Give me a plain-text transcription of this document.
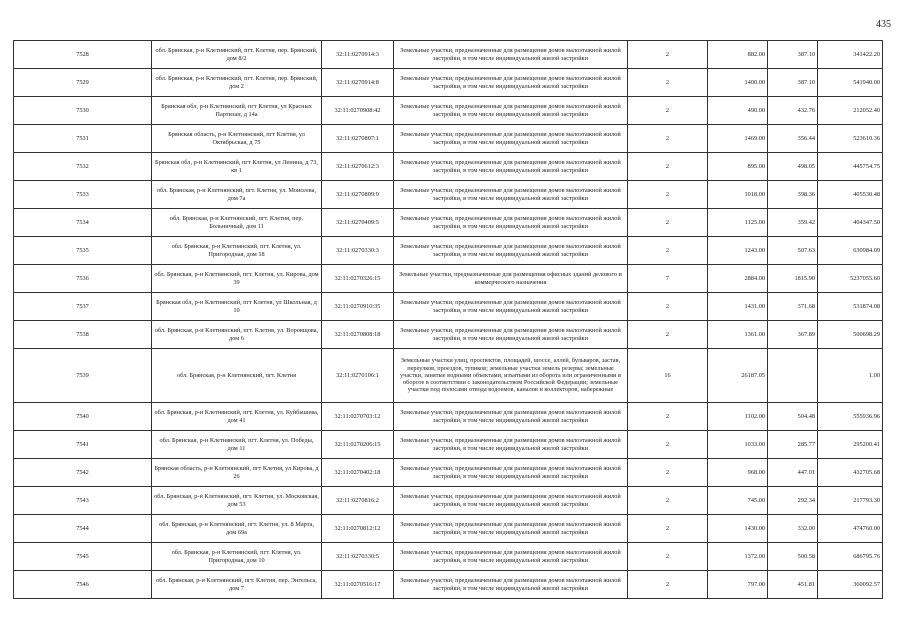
435
7528	обл. Брянская, р-н Клетнянский, пгт. Клетня, пер. Брянский, дом 8/2	32:11:0270914:3	Земельные участки, предназначенные для размещения домов малоэтажной жилой застройки, в том числе индивидуальной жилой застройки	2	882.00	387.10	341422.20
7529	обл. Брянская, р-н Клетнянский, пгт. Клетня, пер. Брянский, дом 2	32:11:0270914:8	Земельные участки, предназначенные для размещения домов малоэтажной жилой застройки, в том числе индивидуальной жилой застройки	2	1400.00	387.10	541940.00
7530	Брянская обл, р-н Клетнянский, пгт Клетня, ул Красных Партизан, д 14а	32:11:0270908:42	Земельные участки, предназначенные для размещения домов малоэтажной жилой застройки, в том числе индивидуальной жилой застройки	2	490.00	432.76	212052.40
7531	Брянская область, р-н Клетнянский, пгт Клетня, ул Октябрьская, д 75	32:11:0270807:1	Земельные участки, предназначенные для размещения домов малоэтажной жилой застройки, в том числе индивидуальной жилой застройки	2	1469.00	356.44	523610.36
7532	Брянская обл, р-н Клетнянский, пгт Клетня, ул Ленина, д 73, кв 1	32:11:0270612:3	Земельные участки, предназначенные для размещения домов малоэтажной жилой застройки, в том числе индивидуальной жилой застройки	2	895.00	498.05	445754.75
7533	обл. Брянская, р-н Клетнянский, пгт. Клетня, ул. Моисеева, дом 7а	32:11:0270809:9	Земельные участки, предназначенные для размещения домов малоэтажной жилой застройки, в том числе индивидуальной жилой застройки	2	1018.00	398.36	405530.48
7534	обл. Брянская, р-н Клетнянский, пгт. Клетня, пер. Больничный, дом 11	32:11:0270409:5	Земельные участки, предназначенные для размещения домов малоэтажной жилой застройки, в том числе индивидуальной жилой застройки	2	1125.00	359.42	404347.50
7535	обл. Брянская, р-н Клетнянский, пгт. Клетня, ул. Пригородная, дом 18	32:11:0270330:3	Земельные участки, предназначенные для размещения домов малоэтажной жилой застройки, в том числе индивидуальной жилой застройки	2	1243.00	507.63	630984.09
7536	обл. Брянская, р-н Клетнянский, пгт. Клетня, ул. Кирова, дом 39	32:11:0270326:15	Земельные участки, предназначенные для размещения офисных зданий делового и коммерческого назначения	7	2884.00	1815.90	5237055.60
7537	Брянская обл, р-н Клетнянский, пгт Клетня, ул Школьная, д 10	32:11:0270910:35	Земельные участки, предназначенные для размещения домов малоэтажной жилой застройки, в том числе индивидуальной жилой застройки	2	1431.00	371.68	531874.08
7538	обл. Брянская, р-н Клетнянский, пгт. Клетня, ул. Воровщова, дом 6	32:11:0270808:18	Земельные участки, предназначенные для размещения домов малоэтажной жилой застройки, в том числе индивидуальной жилой застройки	2	1361.00	367.89	500698.29
7539	обл. Брянская, р-н Клетнянский, пгт. Клетня	32:11:0270106:1	Земельные участки улиц, проспектов, площадей, шоссе, аллей, бульваров, застав, переулков, проездов, тупиков; земельные участки земель резерва; земельные участки, занятые водными объектами, изъятыми из оборота или ограниченными в обороте в соответствии с законодательством Российской Федерации; земельные участки под полосами отвода водоемов, каналов и коллекторов, набережные	16	26187.05		1.00
7540	обл. Брянская, р-н Клетнянский, пгт. Клетня, ул. Куйбышева, дом 41	32:11:0270703:12	Земельные участки, предназначенные для размещения домов малоэтажной жилой застройки, в том числе индивидуальной жилой застройки	2	1102.00	504.48	555936.96
7541	обл. Брянская, р-н Клетнянский, пгт. Клетня, ул. Победы, дом 11	32:11:0270206:15	Земельные участки, предназначенные для размещения домов малоэтажной жилой застройки, в том числе индивидуальной жилой застройки	2	1033.00	285.77	295200.41
7542	Брянская область, р-н Клетнянский, пгт Клетня, ул Кирова, д 26	32:11:0270402:18	Земельные участки, предназначенные для размещения домов малоэтажной жилой застройки, в том числе индивидуальной жилой застройки	2	968.00	447.01	432705.68
7543	обл. Брянская, р-н Клетнянский, пгт. Клетня, ул. Московская, дом 53	32:11:0270816:2	Земельные участки, предназначенные для размещения домов малоэтажной жилой застройки, в том числе индивидуальной жилой застройки	2	745.00	292.34	217793.30
7544	обл. Брянская, р-н Клетнянский, пгт. Клетня, ул. 8 Марта, дом 69а	32:11:0270812:12	Земельные участки, предназначенные для размещения домов малоэтажной жилой застройки, в том числе индивидуальной жилой застройки	2	1430.00	332.00	474760.00
7545	обл. Брянская, р-н Клетнянский, пгт. Клетня, ул. Пригородная, дом 10	32:11:0270330:5	Земельные участки, предназначенные для размещения домов малоэтажной жилой застройки, в том числе индивидуальной жилой застройки	2	1372.00	500.58	686795.76
7546	обл. Брянская, р-н Клетнянский, пгт. Клетня, пер. Энгельса, дом 7	32:11:0270516:17	Земельные участки, предназначенные для размещения домов малоэтажной жилой застройки, в том числе индивидуальной жилой застройки	2	797.00	451.81	360092.57
